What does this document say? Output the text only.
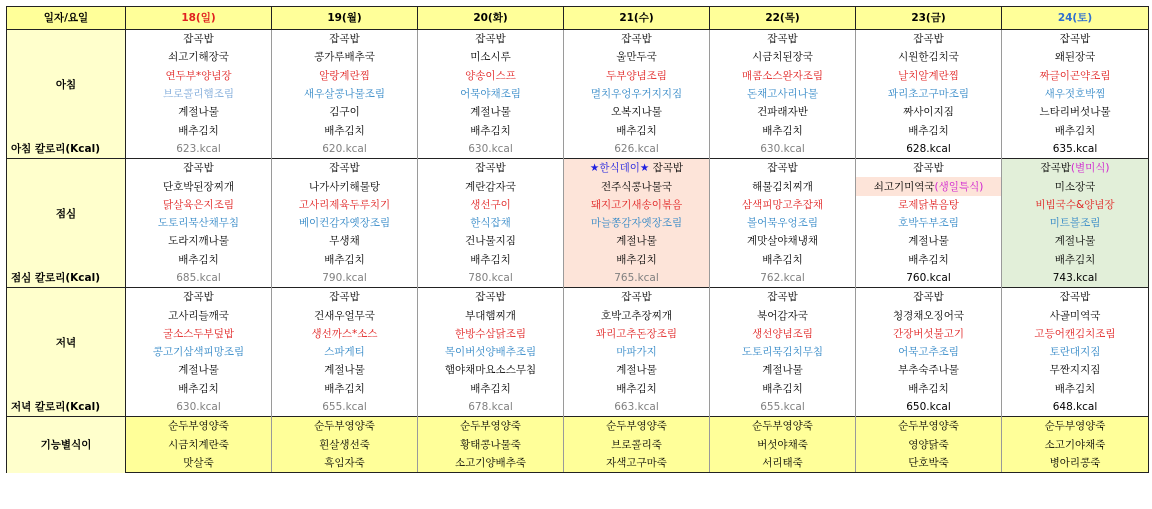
일자/요일	18(일)	19(월)	20(화)	21(수)	22(목)	23(금)	24(토)
아침	잡곡밥	잡곡밥	잡곡밥	잡곡밥	잡곡밥	잡곡밥	잡곡밥
	쇠고기해장국	콩가루배추국	미소시루	울만두국	시금치된장국	시원한김치국	왜된장국
	연두부*양념장	알랑계란찜	양송이스프	두부양념조림	매콤소스완자조림	날치알계란찜	짜글이곤약조림
	브로콜리햄조림	새우살콩나물조림	어묵야채조림	멸치우엉우거지지짐	돈채고사리나물	꽈리초고구마조림	새우젓호박찜
	계절나물	김구이	계절나물	오복지나물	건파래자반	짜사이지짐	느타리버섯나물
	배추김치	배추김치	배추김치	배추김치	배추김치	배추김치	배추김치
아침 칼로리(Kcal)	623.kcal	620.kcal	630.kcal	626.kcal	630.kcal	628.kcal	635.kcal
점심	잡곡밥	잡곡밥	잡곡밥	★한식데이★ 잡곡밥	잡곡밥	잡곡밥	잡곡밥(별미식)
	단호박된장찌개	나가사키해물탕	계란감자국	전주식콩나물국	해물김치찌개	쇠고기미역국(생일특식)	미소장국
	닭살육은지조림	고사리제육두루치기	생선구이	돼지고기새송이볶음	삼색피망고추잡채	로제닭볶음탕	비빔국수&양념장
	도토리묵산채무침	베이컨감자옛장조림	한식잡채	마늘쫑감자옛장조림	볼어묵우엉조림	호박두부조림	미트볼조림
	도라지깨나물	무생채	건나물지짐	계절나물	계맛살야채냉채	계절나물	계절나물
	배추김치	배추김치	배추김치	배추김치	배추김치	배추김치	배추김치
점심 칼로리(Kcal)	685.kcal	790.kcal	780.kcal	765.kcal	762.kcal	760.kcal	743.kcal
저녁	잡곡밥	잡곡밥	잡곡밥	잡곡밥	잡곡밥	잡곡밥	잡곡밥
	고사리들깨국	건새우얼무국	부대햄찌개	호박고추장찌개	북어감자국	청경채오징어국	사골미역국
	굴소스두부덮밥	생선까스*소스	한방수삼닭조림	꽈리고추돈장조림	생선양념조림	간장버섯불고기	고등어캔김치조림
	콩고기삼색피망조림	스파게티	목이버섯양배추조림	마파가지	도토리묵김치무침	어묵고추조림	토란대지짐
	계절나물	계절나물	햄야채마요소스무침	계절나물	계절나물	부추숙주나물	무짠지지짐
	배추김치	배추김치	배추김치	배추김치	배추김치	배추김치	배추김치
저녁 칼로리(Kcal)	630.kcal	655.kcal	678.kcal	663.kcal	655.kcal	650.kcal	648.kcal
기능별식이	순두부영양죽	순두부영양죽	순두부영양죽	순두부영양죽	순두부영양죽	순두부영양죽	순두부영양죽
	시금치계란죽	흰살생선죽	황태콩나물죽	브로콜리죽	버섯야채죽	영양닭죽	소고기야채죽
	맛살죽	흑임자죽	소고기양배추죽	자색고구마죽	서리태죽	단호박죽	병아리콩죽
